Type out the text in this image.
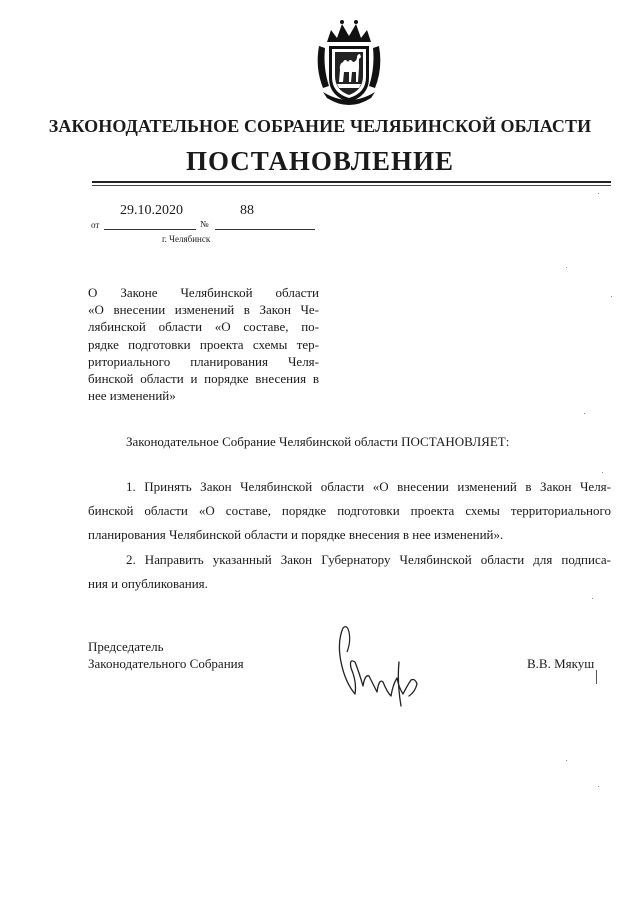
ЗАКОНОДАТЕЛЬНОЕ СОБРАНИЕ ЧЕЛЯБИНСКОЙ ОБЛАСТИ
ПОСТАНОВЛЕНИЕ
от
29.10.2020
№
88
г. Челябинск
О Законе Челябинской области
«О внесении изменений в Закон Че-
лябинской области «О составе, по-
рядке подготовки проекта схемы тер-
риториального планирования Челя-
бинской области и порядке внесения в
нее изменений»
Законодательное Собрание Челябинской области ПОСТАНОВЛЯЕТ:
1. Принять Закон Челябинской области «О внесении изменений в Закон Челя-
бинской области «О составе, порядке подготовки проекта схемы территориального
планирования Челябинской области и порядке внесения в нее изменений».
2. Направить указанный Закон Губернатору Челябинской области для подписа-
ния и опубликования.
Председатель
Законодательного Собрания	В.В. Мякуш
